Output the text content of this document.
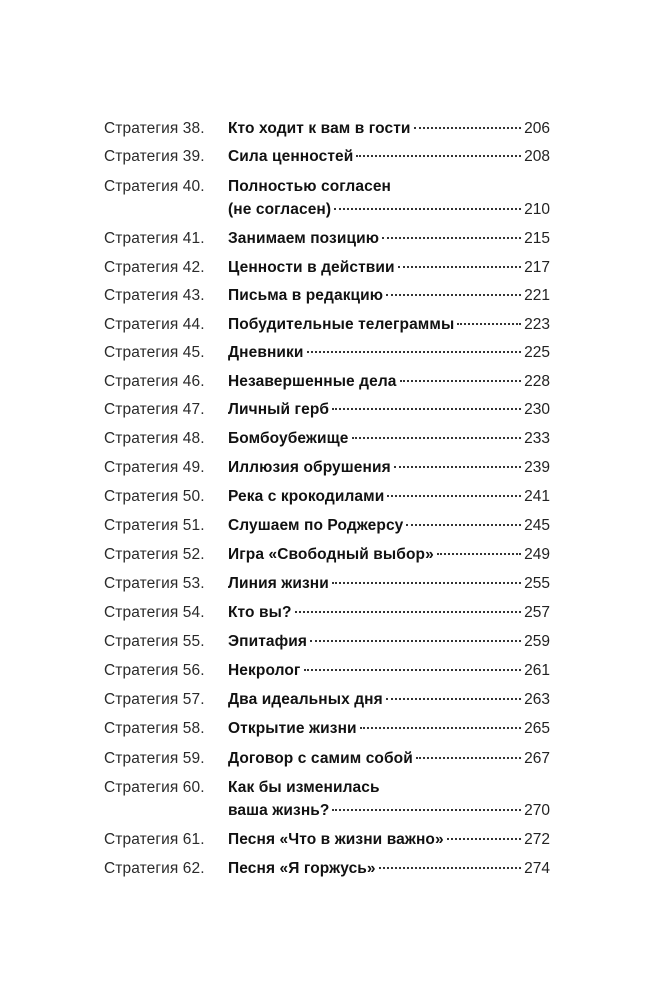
Стратегия 38.	Кто ходит к вам в гости	206
Стратегия 39.	Сила ценностей	208
Стратегия 40.	Полностью согласен
(не согласен)	210
Стратегия 41.	Занимаем позицию	215
Стратегия 42.	Ценности в действии	217
Стратегия 43.	Письма в редакцию	221
Стратегия 44.	Побудительные телеграммы	223
Стратегия 45.	Дневники	225
Стратегия 46.	Незавершенные дела	228
Стратегия 47.	Личный герб	230
Стратегия 48.	Бомбоубежище	233
Стратегия 49.	Иллюзия обрушения	239
Стратегия 50.	Река с крокодилами	241
Стратегия 51.	Слушаем по Роджерсу	245
Стратегия 52.	Игра «Свободный выбор»	249
Стратегия 53.	Линия жизни	255
Стратегия 54.	Кто вы?	257
Стратегия 55.	Эпитафия	259
Стратегия 56.	Некролог	261
Стратегия 57.	Два идеальных дня	263
Стратегия 58.	Открытие жизни	265
Стратегия 59.	Договор с самим собой	267
Стратегия 60.	Как бы изменилась
ваша жизнь?	270
Стратегия 61.	Песня «Что в жизни важно»	272
Стратегия 62.	Песня «Я горжусь»	274
